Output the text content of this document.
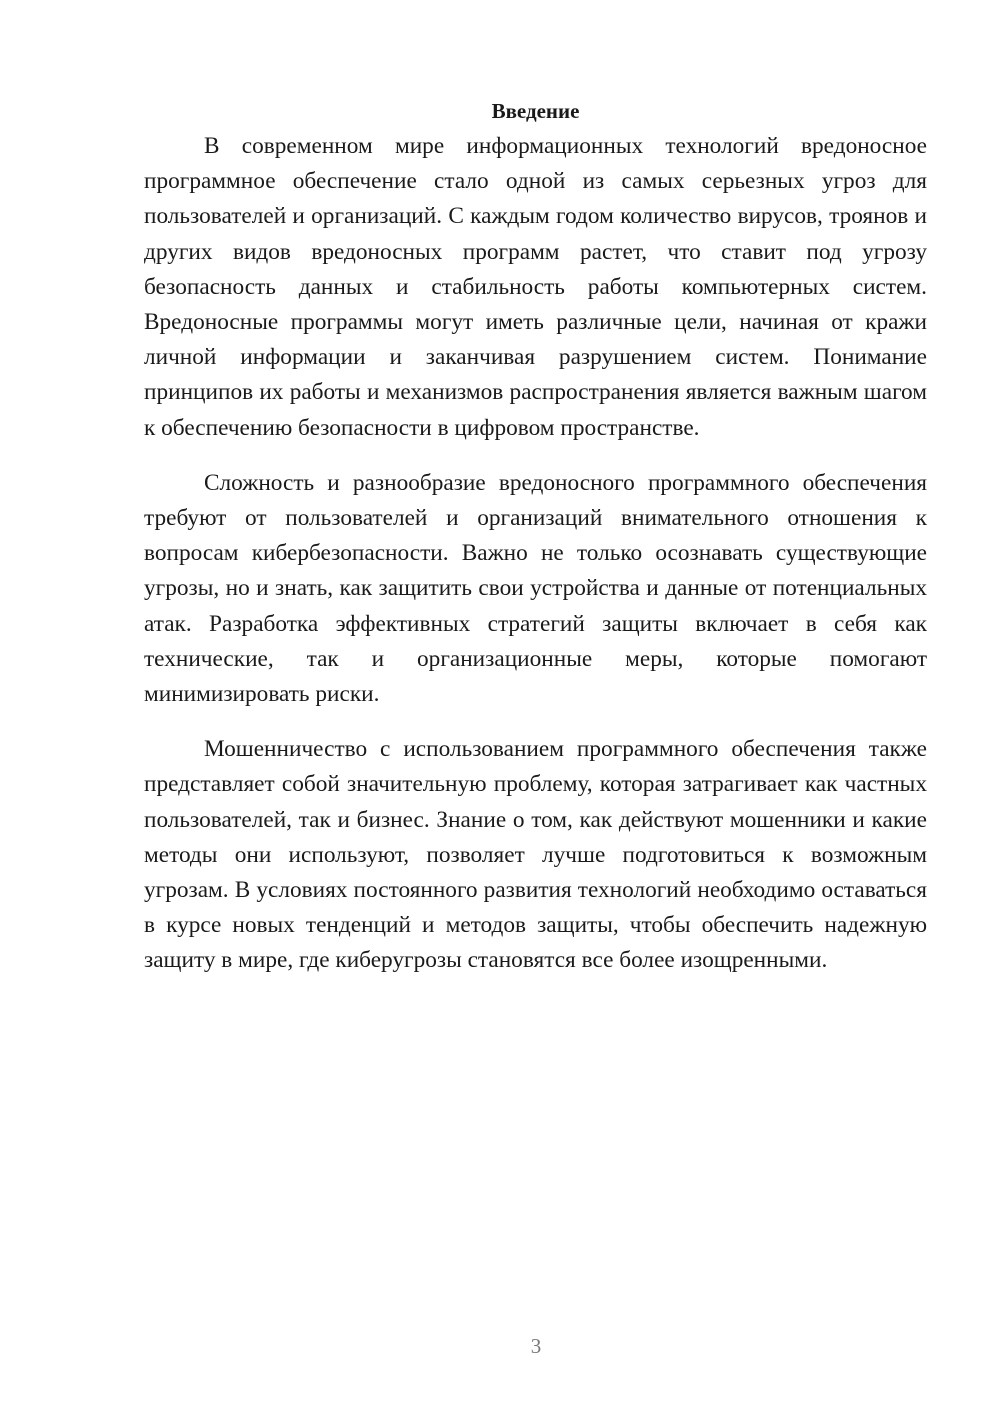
Введение

В современном мире информационных технологий вредоносное программное обеспечение стало одной из самых серьезных угроз для пользователей и организаций. С каждым годом количество вирусов, троянов и других видов вредоносных программ растет, что ставит под угрозу безопасность данных и стабильность работы компьютерных систем. Вредоносные программы могут иметь различные цели, начиная от кражи личной информации и заканчивая разрушением систем. Понимание принципов их работы и механизмов распространения является важным шагом к обеспечению безопасности в цифровом пространстве.

Сложность и разнообразие вредоносного программного обеспечения требуют от пользователей и организаций внимательного отношения к вопросам кибербезопасности. Важно не только осознавать существующие угрозы, но и знать, как защитить свои устройства и данные от потенциальных атак. Разработка эффективных стратегий защиты включает в себя как технические, так и организационные меры, которые помогают минимизировать риски.

Мошенничество с использованием программного обеспечения также представляет собой значительную проблему, которая затрагивает как частных пользователей, так и бизнес. Знание о том, как действуют мошенники и какие методы они используют, позволяет лучше подготовиться к возможным угрозам. В условиях постоянного развития технологий необходимо оставаться в курсе новых тенденций и методов защиты, чтобы обеспечить надежную защиту в мире, где киберугрозы становятся все более изощренными.

3
